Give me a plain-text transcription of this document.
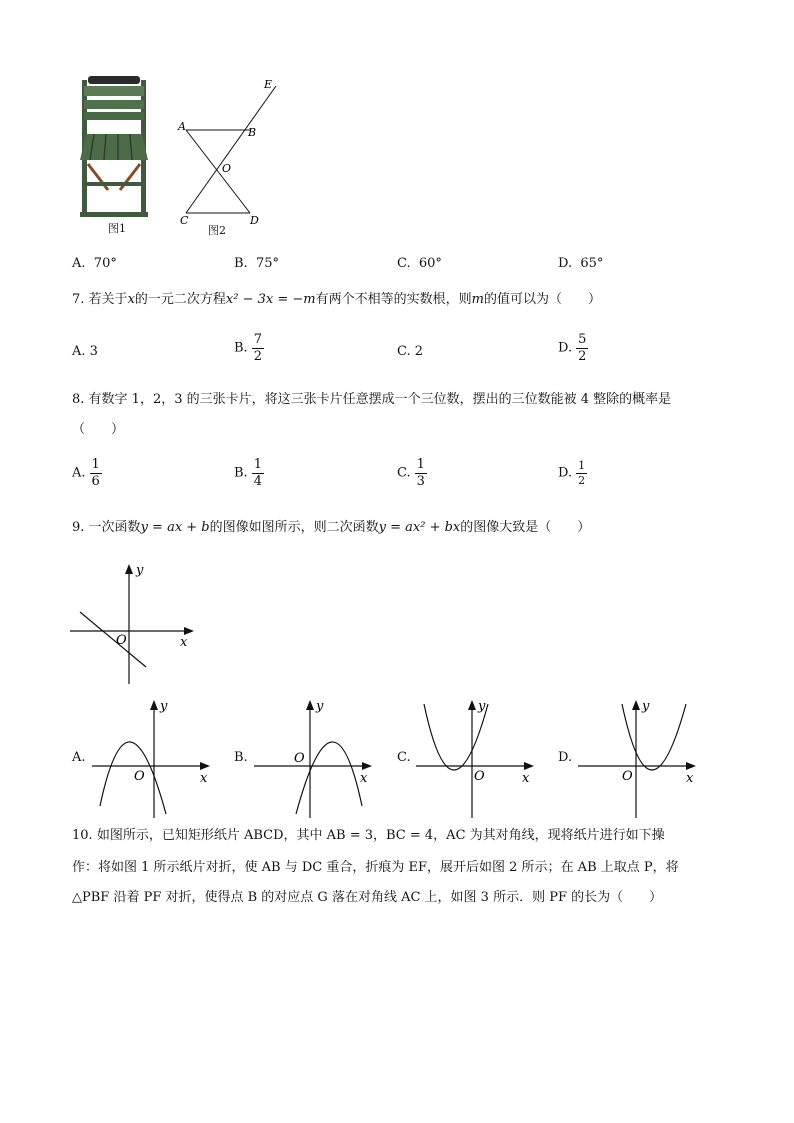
图1
A	B
C	D
E
O
图2
A. 70°	B. 75°	C. 60°	D. 65°
7. 若关于x的一元二次方程x² − 3x = −m有两个不相等的实数根，则m的值可以为（　　）
A. 3	B. $\frac{7}{2}$	C. 2	D. $\frac{5}{2}$
8. 有数字 1，2，3 的三张卡片，将这三张卡片任意摆成一个三位数，摆出的三位数能被 4 整除的概率是
（　　）
A. $\frac{1}{6}$	B. $\frac{1}{4}$	C. $\frac{1}{3}$	D. $\frac{1}{2}$
9. 一次函数y = ax + b的图像如图所示，则二次函数y = ax² + bx的图像大致是（　　）
y
x
O
A.
y
x
O
B.
y
x
O	C.
y
x
O
D.
y
x
O
10. 如图所示，已知矩形纸片 ABCD，其中 AB = 3，BC = 4，AC 为其对角线，现将纸片进行如下操
作：将如图 1 所示纸片对折，使 AB 与 DC 重合，折痕为 EF，展开后如图 2 所示；在 AB 上取点 P，将
△PBF 沿着 PF 对折，使得点 B 的对应点 G 落在对角线 AC 上，如图 3 所示．则 PF 的长为（　　）
